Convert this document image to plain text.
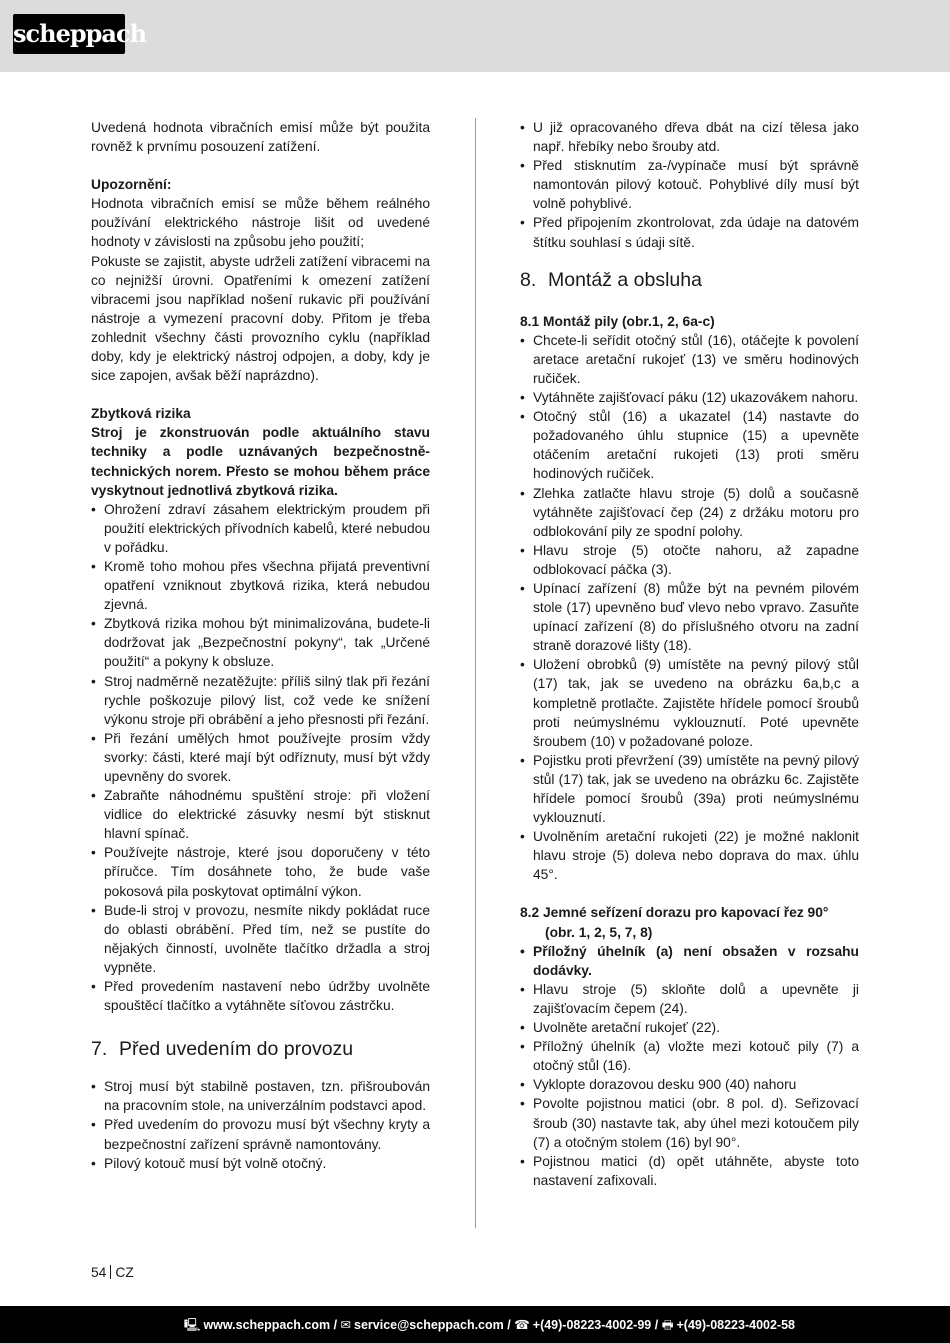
scheppach

Uvedená hodnota vibračních emisí může být použita rovněž k prvnímu posouzení zatížení.

Upozornění:

Hodnota vibračních emisí se může během reálného používání elektrického nástroje lišit od uvedené hodnoty v závislosti na způsobu jeho použití;

Pokuste se zajistit, abyste udrželi zatížení vibracemi na co nejnižší úrovni. Opatřeními k omezení zatížení vibracemi jsou například nošení rukavic při používání nástroje a vymezení pracovní doby. Přitom je třeba zohlednit všechny části provozního cyklu (například doby, kdy je elektrický nástroj odpojen, a doby, kdy je sice zapojen, avšak běží naprázdno).

Zbytková rizika

Stroj je zkonstruován podle aktuálního stavu techniky a podle uznávaných bezpečnostně-technických norem. Přesto se mohou během práce vyskytnout jednotlivá zbytková rizika.

• Ohrožení zdraví zásahem elektrickým proudem při použití elektrických přívodních kabelů, které nebudou v pořádku.
• Kromě toho mohou přes všechna přijatá preventivní opatření vzniknout zbytková rizika, která nebudou zjevná.
• Zbytková rizika mohou být minimalizována, budete-li dodržovat jak „Bezpečnostní pokyny“, tak „Určené použití“ a pokyny k obsluze.
• Stroj nadměrně nezatěžujte: příliš silný tlak při řezání rychle poškozuje pilový list, což vede ke snížení výkonu stroje při obrábění a jeho přesnosti při řezání.
• Při řezání umělých hmot používejte prosím vždy svorky: části, které mají být odříznuty, musí být vždy upevněny do svorek.
• Zabraňte náhodnému spuštění stroje: při vložení vidlice do elektrické zásuvky nesmí být stisknut hlavní spínač.
• Používejte nástroje, které jsou doporučeny v této příručce. Tím dosáhnete toho, že bude vaše pokosová pila poskytovat optimální výkon.
• Bude-li stroj v provozu, nesmíte nikdy pokládat ruce do oblasti obrábění. Před tím, než se pustíte do nějakých činností, uvolněte tlačítko držadla a stroj vypněte.
• Před provedením nastavení nebo údržby uvolněte spouštěcí tlačítko a vytáhněte síťovou zástrčku.
7. Před uvedením do provozu
• Stroj musí být stabilně postaven, tzn. přišroubován na pracovním stole, na univerzálním podstavci apod.
• Před uvedením do provozu musí být všechny kryty a bezpečnostní zařízení správně namontovány.
• Pilový kotouč musí být volně otočný.
• U již opracovaného dřeva dbát na cizí tělesa jako např. hřebíky nebo šrouby atd.
• Před stisknutím za-/vypínače musí být správně namontován pilový kotouč. Pohyblivé díly musí být volně pohyblivé.
• Před připojením zkontrolovat, zda údaje na datovém štítku souhlasí s údaji sítě.
8. Montáž a obsluha
8.1 Montáž pily (obr.1, 2, 6a-c)
• Chcete-li seřídit otočný stůl (16), otáčejte k povolení aretace aretační rukojeť (13) ve směru hodinových ručiček.
• Vytáhněte zajišťovací páku (12) ukazovákem nahoru.
• Otočný stůl (16) a ukazatel (14) nastavte do požadovaného úhlu stupnice (15) a upevněte otáčením aretační rukojeti (13) proti směru hodinových ručiček.
• Zlehka zatlačte hlavu stroje (5) dolů a současně vytáhněte zajišťovací čep (24) z držáku motoru pro odblokování pily ze spodní polohy.
• Hlavu stroje (5) otočte nahoru, až zapadne odblokovací páčka (3).
• Upínací zařízení (8) může být na pevném pilovém stole (17) upevněno buď vlevo nebo vpravo. Zasuňte upínací zařízení (8) do příslušného otvoru na zadní straně dorazové lišty (18).
• Uložení obrobků (9) umístěte na pevný pilový stůl (17) tak, jak se uvedeno na obrázku 6a,b,c a kompletně protlačte. Zajistěte hřídele pomocí šroubů proti neúmyslnému vyklouznutí. Poté upevněte šroubem (10) v požadované poloze.
• Pojistku proti převržení (39) umístěte na pevný pilový stůl (17) tak, jak se uvedeno na obrázku 6c. Zajistěte hřídele pomocí šroubů (39a) proti neúmyslnému vyklouznutí.
• Uvolněním aretační rukojeti (22) je možné naklonit hlavu stroje (5) doleva nebo doprava do max. úhlu 45°.
8.2 Jemné seřízení dorazu pro kapovací řez 90°
(obr. 1, 2, 5, 7, 8)
• Příložný úhelník (a) není obsažen v rozsahu dodávky.
• Hlavu stroje (5) skloňte dolů a upevněte ji zajišťovacím čepem (24).
• Uvolněte aretační rukojeť (22).
• Příložný úhelník (a) vložte mezi kotouč pily (7) a otočný stůl (16).
• Vyklopte dorazovou desku 900 (40) nahoru
• Povolte pojistnou matici (obr. 8 pol. d). Seřizovací šroub (30) nastavte tak, aby úhel mezi kotoučem pily (7) a otočným stolem (16) byl 90°.
• Pojistnou matici (d) opět utáhněte, abyste toto nastavení zafixovali.
54 CZ
🖳 www.scheppach.com / ✉ service@scheppach.com / ☎ +(49)-08223-4002-99 / 🖶 +(49)-08223-4002-58
